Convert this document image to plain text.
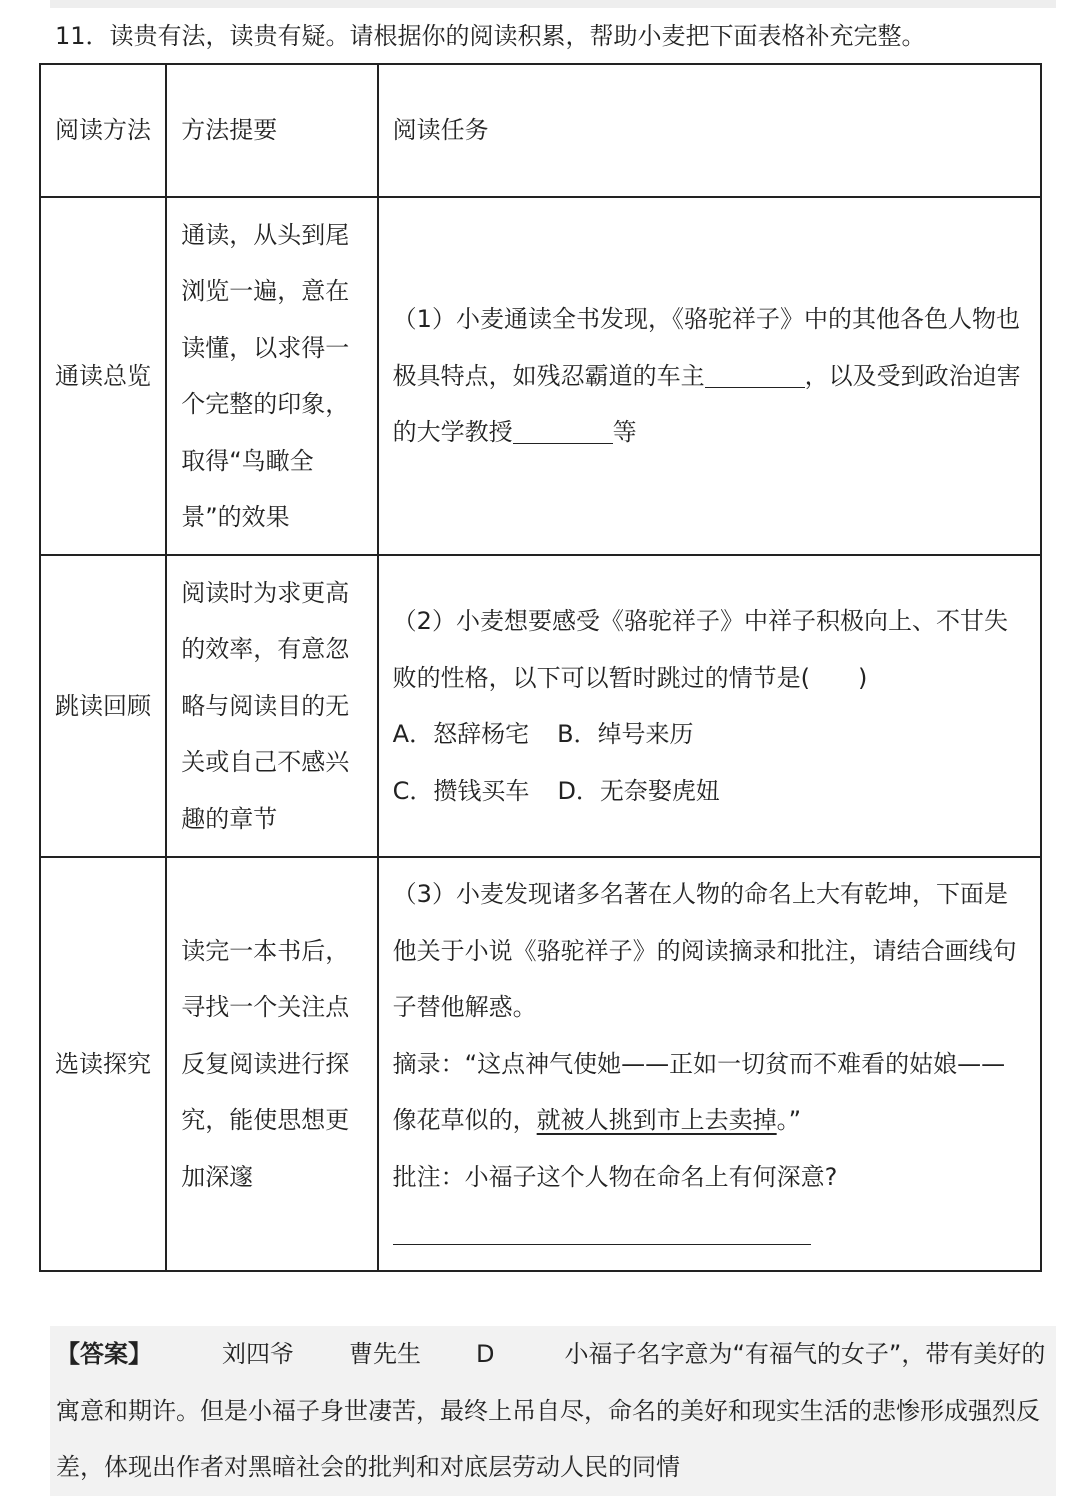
11．读贵有法，读贵有疑。请根据你的阅读积累，帮助小麦把下面表格补充完整。
阅读方法	方法提要	阅读任务
通读总览	通读，从头到尾浏览一遍，意在读懂，以求得一个完整的印象，取得“鸟瞰全景”的效果	（1）小麦通读全书发现，《骆驼祥子》中的其他各色人物也极具特点，如残忍霸道的车主 ，以及受到政治迫害的大学教授 等
跳读回顾	阅读时为求更高的效率，有意忽略与阅读目的无关或自己不感兴趣的章节	（2）小麦想要感受《骆驼祥子》中祥子积极向上、不甘失败的性格，以下可以暂时跳过的情节是(　　)
A．怒辞杨宅 B．绰号来历
C．攒钱买车 D．无奈娶虎妞

选读探究	读完一本书后，寻找一个关注点反复阅读进行探究，能使思想更加深邃	（3）小麦发现诸多名著在人物的命名上大有乾坤，下面是他关于小说《骆驼祥子》的阅读摘录和批注，请结合画线句子替他解惑。
摘录：“这点神气使她——正如一切贫而不难看的姑娘——像花草似的，就被人挑到市上去卖掉。”
批注：小福子这个人物在命名上有何深意?
【答案】	刘四爷 曹先生 D	小福子名字意为“有福气的女子”，带有美好的寓意和期许。但是小福子身世凄苦，最终上吊自尽，命名的美好和现实生活的悲惨形成强烈反差，体现出作者对黑暗社会的批判和对底层劳动人民的同情
